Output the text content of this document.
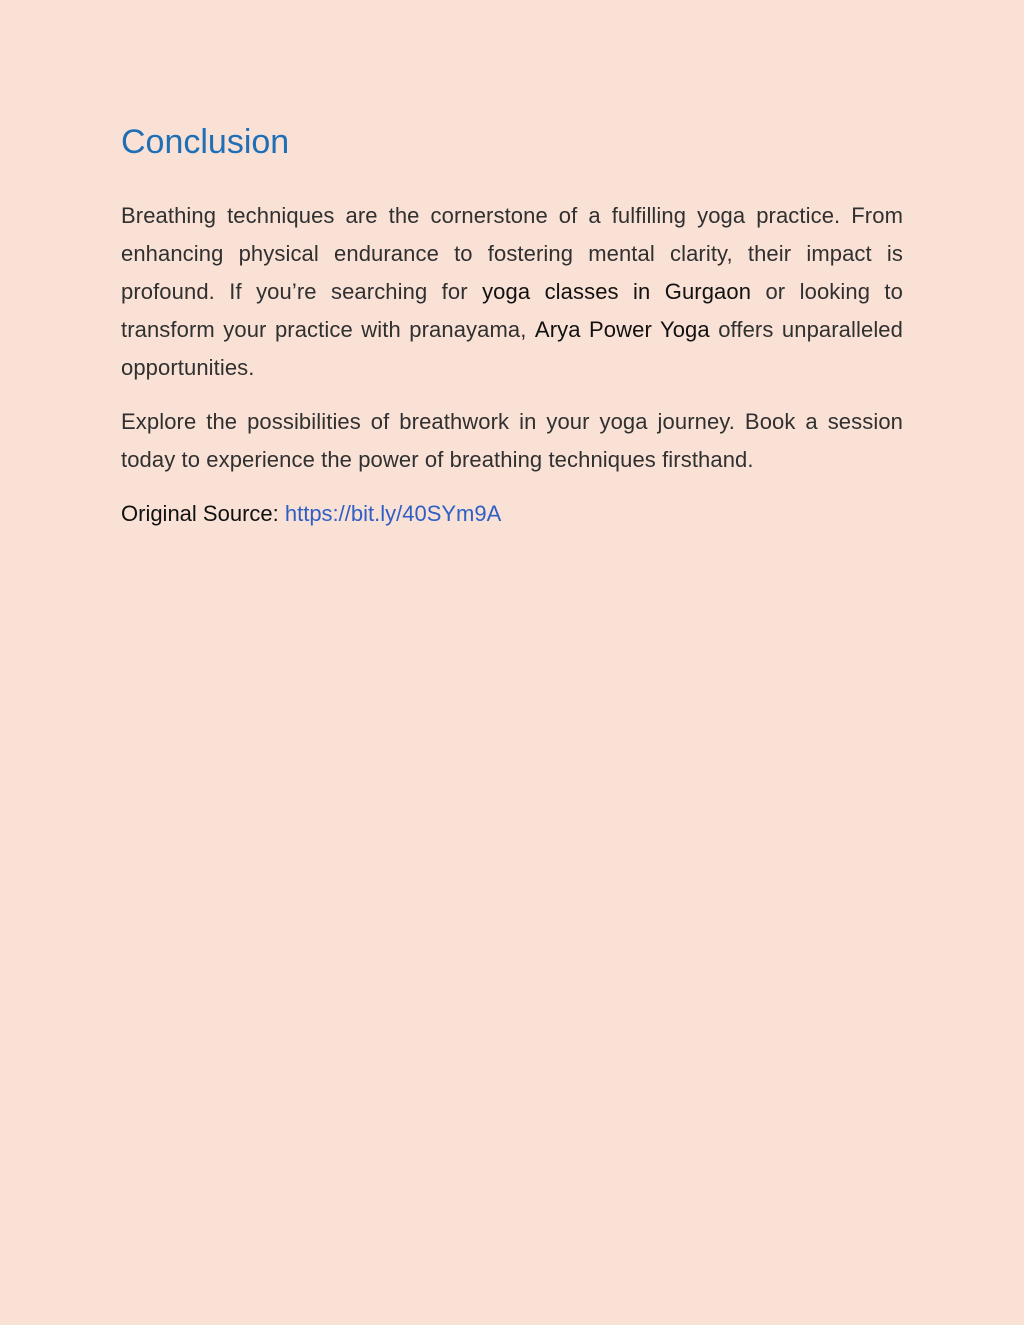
Conclusion

Breathing techniques are the cornerstone of a fulfilling yoga practice. From enhancing physical endurance to fostering mental clarity, their impact is profound. If you’re searching for yoga classes in Gurgaon or looking to transform your practice with pranayama, Arya Power Yoga offers unparalleled opportunities.

Explore the possibilities of breathwork in your yoga journey. Book a session today to experience the power of breathing techniques firsthand.

Original Source: https://bit.ly/40SYm9A
